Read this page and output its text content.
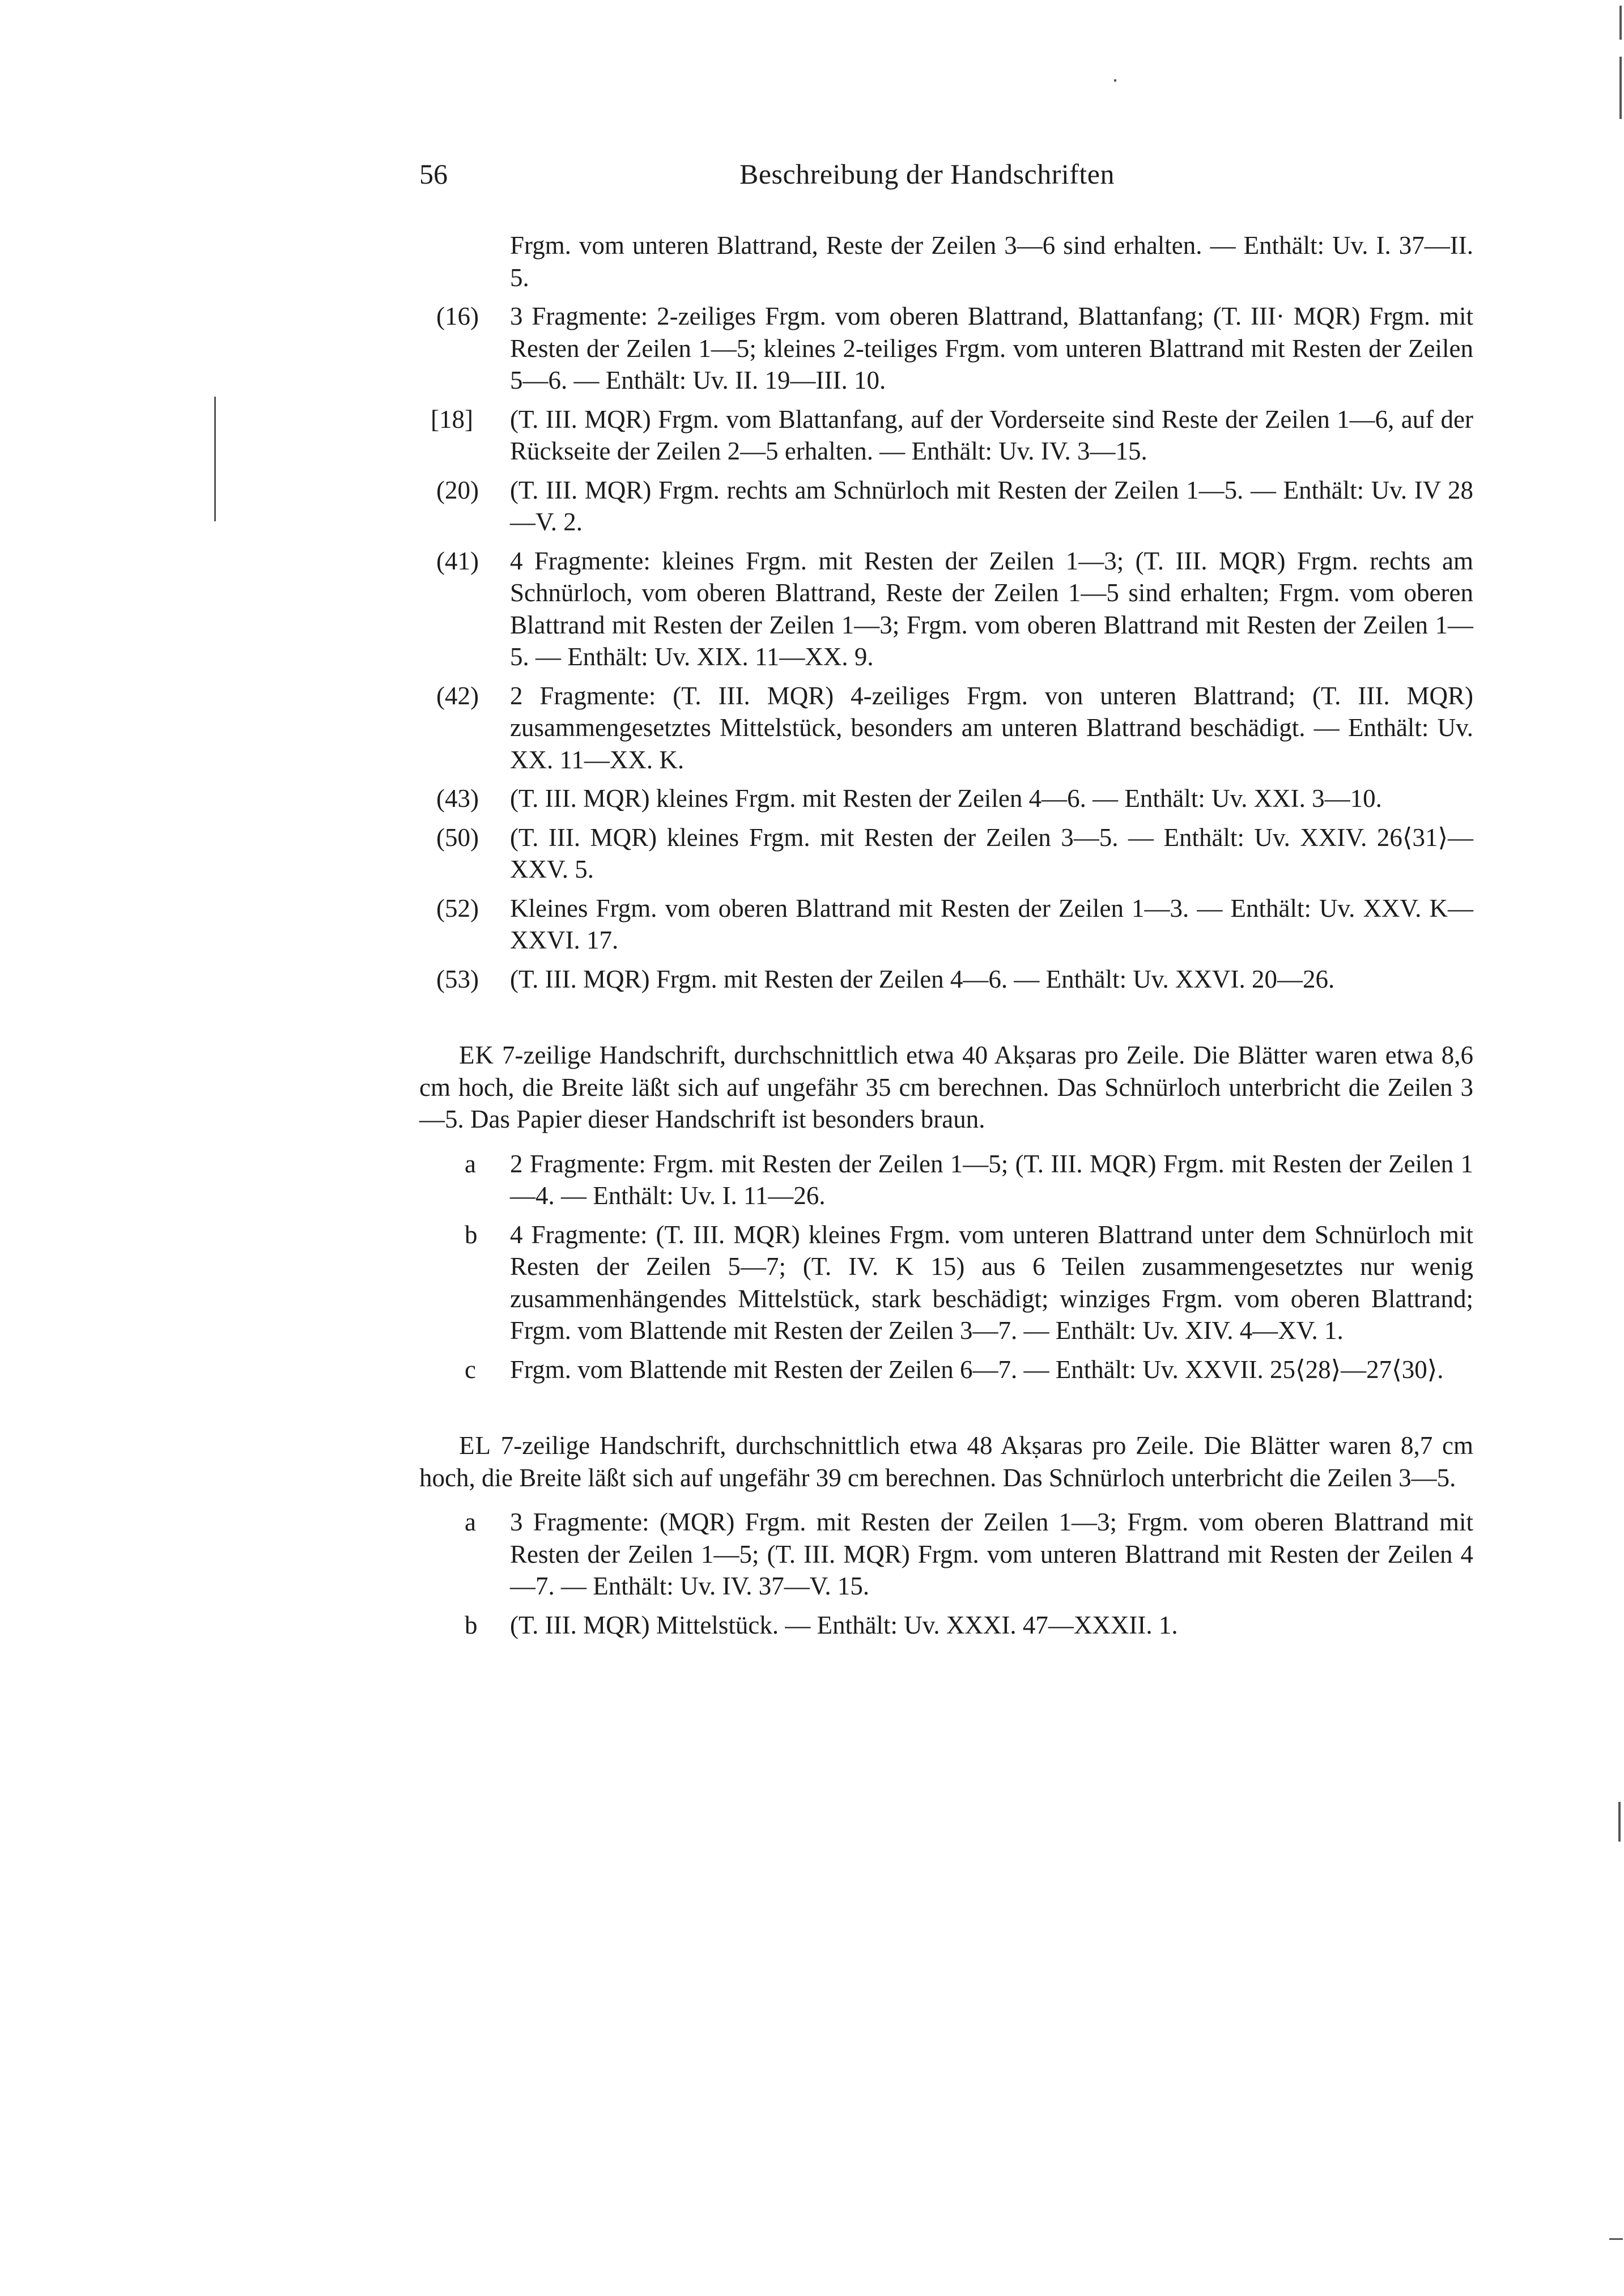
56	Beschreibung der Handschriften
Frgm. vom unteren Blattrand, Reste der Zeilen 3—6 sind erhalten. — Enthält: Uv. I. 37—II. 5.
(16)	3 Fragmente: 2-zeiliges Frgm. vom oberen Blattrand, Blattanfang; (T. III· MQR) Frgm. mit Resten der Zeilen 1—5; kleines 2-teiliges Frgm. vom unteren Blattrand mit Resten der Zeilen 5—6. — Enthält: Uv. II. 19—III. 10.
[18]	(T. III. MQR) Frgm. vom Blattanfang, auf der Vorderseite sind Reste der Zeilen 1—6, auf der Rückseite der Zeilen 2—5 erhalten. — Enthält: Uv. IV. 3—15.
(20)	(T. III. MQR) Frgm. rechts am Schnürloch mit Resten der Zeilen 1—5. — Enthält: Uv. IV 28—V. 2.
(41)	4 Fragmente: kleines Frgm. mit Resten der Zeilen 1—3; (T. III. MQR) Frgm. rechts am Schnürloch, vom oberen Blattrand, Reste der Zeilen 1—5 sind erhalten; Frgm. vom oberen Blattrand mit Resten der Zeilen 1—3; Frgm. vom oberen Blattrand mit Resten der Zeilen 1—5. — Enthält: Uv. XIX. 11—XX. 9.
(42)	2 Fragmente: (T. III. MQR) 4-zeiliges Frgm. von unteren Blattrand; (T. III. MQR) zusammengesetztes Mittelstück, besonders am unteren Blattrand beschädigt. — Enthält: Uv. XX. 11—XX. K.
(43)	(T. III. MQR) kleines Frgm. mit Resten der Zeilen 4—6. — Enthält: Uv. XXI. 3—10.
(50)	(T. III. MQR) kleines Frgm. mit Resten der Zeilen 3—5. — Enthält: Uv. XXIV. 26⟨31⟩—XXV. 5.
(52)	Kleines Frgm. vom oberen Blattrand mit Resten der Zeilen 1—3. — Enthält: Uv. XXV. K—XXVI. 17.
(53)	(T. III. MQR) Frgm. mit Resten der Zeilen 4—6. — Enthält: Uv. XXVI. 20—26.

EK 7-zeilige Handschrift, durchschnittlich etwa 40 Akṣaras pro Zeile. Die Blätter waren etwa 8,6 cm hoch, die Breite läßt sich auf ungefähr 35 cm berechnen. Das Schnürloch unterbricht die Zeilen 3—5. Das Papier dieser Handschrift ist besonders braun.

a	2 Fragmente: Frgm. mit Resten der Zeilen 1—5; (T. III. MQR) Frgm. mit Resten der Zeilen 1—4. — Enthält: Uv. I. 11—26.
b	4 Fragmente: (T. III. MQR) kleines Frgm. vom unteren Blattrand unter dem Schnürloch mit Resten der Zeilen 5—7; (T. IV. K 15) aus 6 Teilen zusammengesetztes nur wenig zusammenhängendes Mittelstück, stark beschädigt; winziges Frgm. vom oberen Blattrand; Frgm. vom Blattende mit Resten der Zeilen 3—7. — Enthält: Uv. XIV. 4—XV. 1.
c	Frgm. vom Blattende mit Resten der Zeilen 6—7. — Enthält: Uv. XXVII. 25⟨28⟩—27⟨30⟩.

EL 7-zeilige Handschrift, durchschnittlich etwa 48 Akṣaras pro Zeile. Die Blätter waren 8,7 cm hoch, die Breite läßt sich auf ungefähr 39 cm berechnen. Das Schnürloch unterbricht die Zeilen 3—5.

a	3 Fragmente: (MQR) Frgm. mit Resten der Zeilen 1—3; Frgm. vom oberen Blattrand mit Resten der Zeilen 1—5; (T. III. MQR) Frgm. vom unteren Blattrand mit Resten der Zeilen 4—7. — Enthält: Uv. IV. 37—V. 15.
b	(T. III. MQR) Mittelstück. — Enthält: Uv. XXXI. 47—XXXII. 1.
